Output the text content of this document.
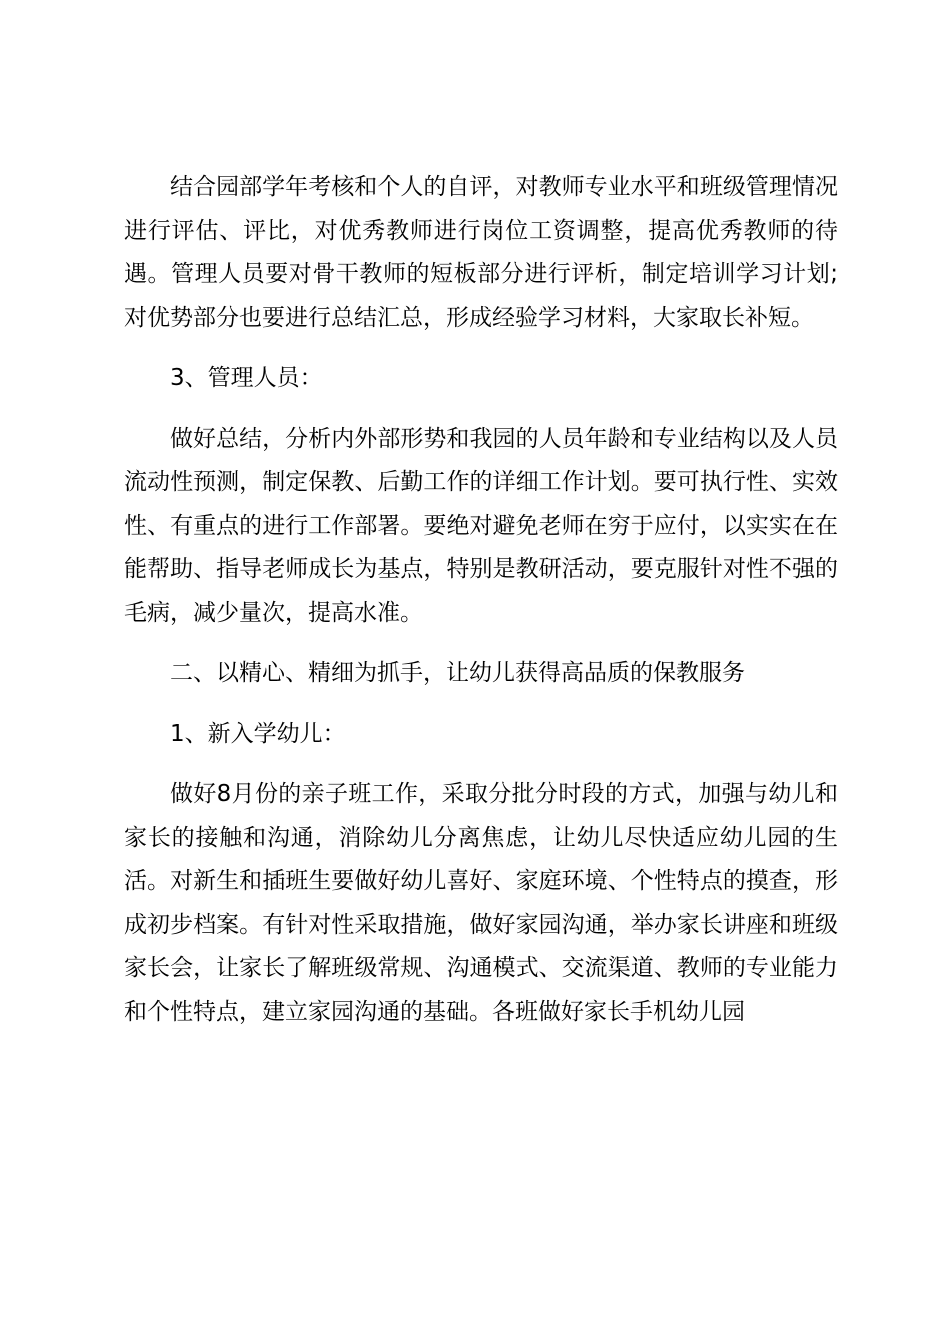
结合园部学年考核和个人的自评，对教师专业水平和班级管理情况进行评估、评比，对优秀教师进行岗位工资调整，提高优秀教师的待遇。管理人员要对骨干教师的短板部分进行评析，制定培训学习计划;对优势部分也要进行总结汇总，形成经验学习材料，大家取长补短。

3、管理人员：

做好总结，分析内外部形势和我园的人员年龄和专业结构以及人员流动性预测，制定保教、后勤工作的详细工作计划。要可执行性、实效性、有重点的进行工作部署。要绝对避免老师在穷于应付，以实实在在能帮助、指导老师成长为基点，特别是教研活动，要克服针对性不强的毛病，减少量次，提高水准。

二、以精心、精细为抓手，让幼儿获得高品质的保教服务

1、新入学幼儿：

做好8月份的亲子班工作，采取分批分时段的方式，加强与幼儿和家长的接触和沟通，消除幼儿分离焦虑，让幼儿尽快适应幼儿园的生活。对新生和插班生要做好幼儿喜好、家庭环境、个性特点的摸查，形成初步档案。有针对性采取措施，做好家园沟通，举办家长讲座和班级家长会，让家长了解班级常规、沟通模式、交流渠道、教师的专业能力和个性特点，建立家园沟通的基础。各班做好家长手机幼儿园
